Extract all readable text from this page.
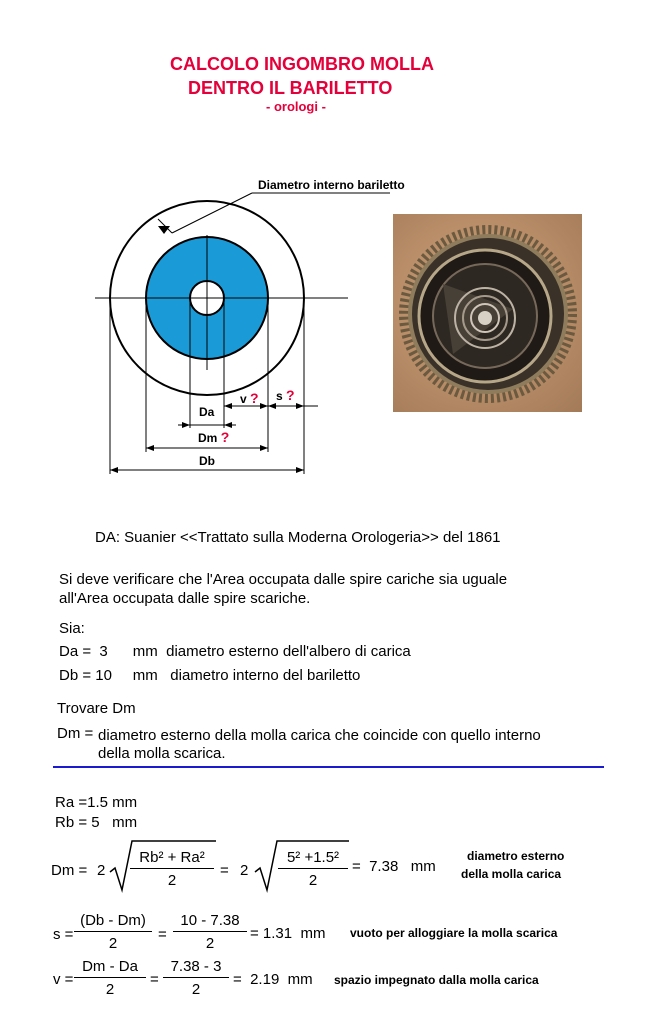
CALCOLO INGOMBRO MOLLA
DENTRO IL BARILETTO
- orologi -
Diametro interno bariletto
Da
v ? s ?
Dm ?
Db
DA: Suanier <<Trattato sulla Moderna Orologeria>> del 1861
Si deve verificare che l'Area occupata dalle spire cariche sia uguale
all'Area occupata dalle spire scariche.
Sia:
Da =  3      mm  diametro esterno dell'albero di carica
Db = 10     mm   diametro interno del bariletto
Trovare Dm
Dm = diametro esterno della molla carica che coincide con quello interno
della molla scarica.
Ra =1.5 mm
Rb = 5   mm
$Dm = 2 \frac{\text{Rb² + Ra²}}{2} = 2 \frac{\text{5² +1.5²}}{2} = 7.38$   mm
diametro esterno
della molla carica
$s = \frac{(Db - Dm)}{2} = \frac{10 - 7.38}{2} = 1.31$  mm vuoto per alloggiare la molla scarica
$v = \frac{Dm - Da}{2} = \frac{7.38 - 3}{2} = 2.19$  mm spazio impegnato dalla molla carica
